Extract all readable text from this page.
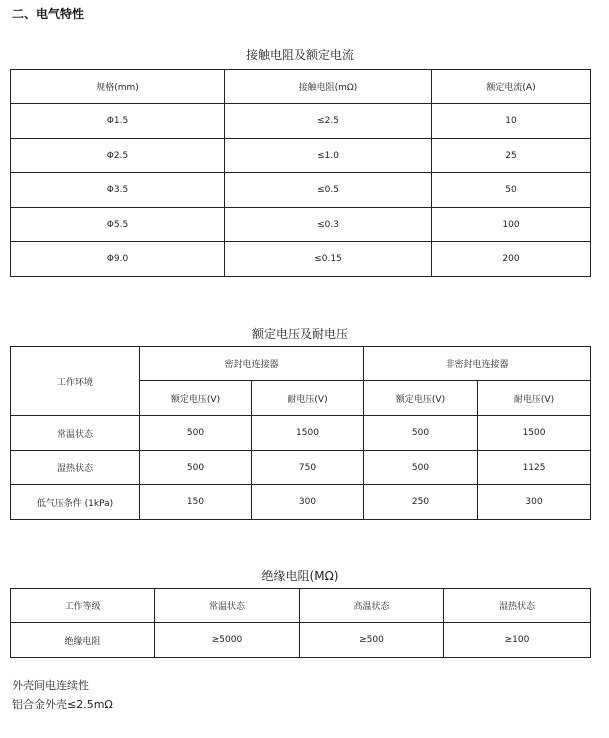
二、电气特性
接触电阻及额定电流
规格(mm)	接触电阻(mΩ)	额定电流(A)
Φ1.5	≤2.5	10
Φ2.5	≤1.0	25
Φ3.5	≤0.5	50
Φ5.5	≤0.3	100
Φ9.0	≤0.15	200
额定电压及耐电压
工作环境	密封电连接器		非密封电连接器	
	额定电压(V)	耐电压(V)	额定电压(V)	耐电压(V)
常温状态	500	1500	500	1500
湿热状态	500	750	500	1125
低气压条件 (1kPa)	150	300	250	300
绝缘电阻(MΩ)
工作等级	常温状态	高温状态	湿热状态
绝缘电阻	≥5000	≥500	≥100
外壳间电连续性
铝合金外壳≤2.5mΩ
